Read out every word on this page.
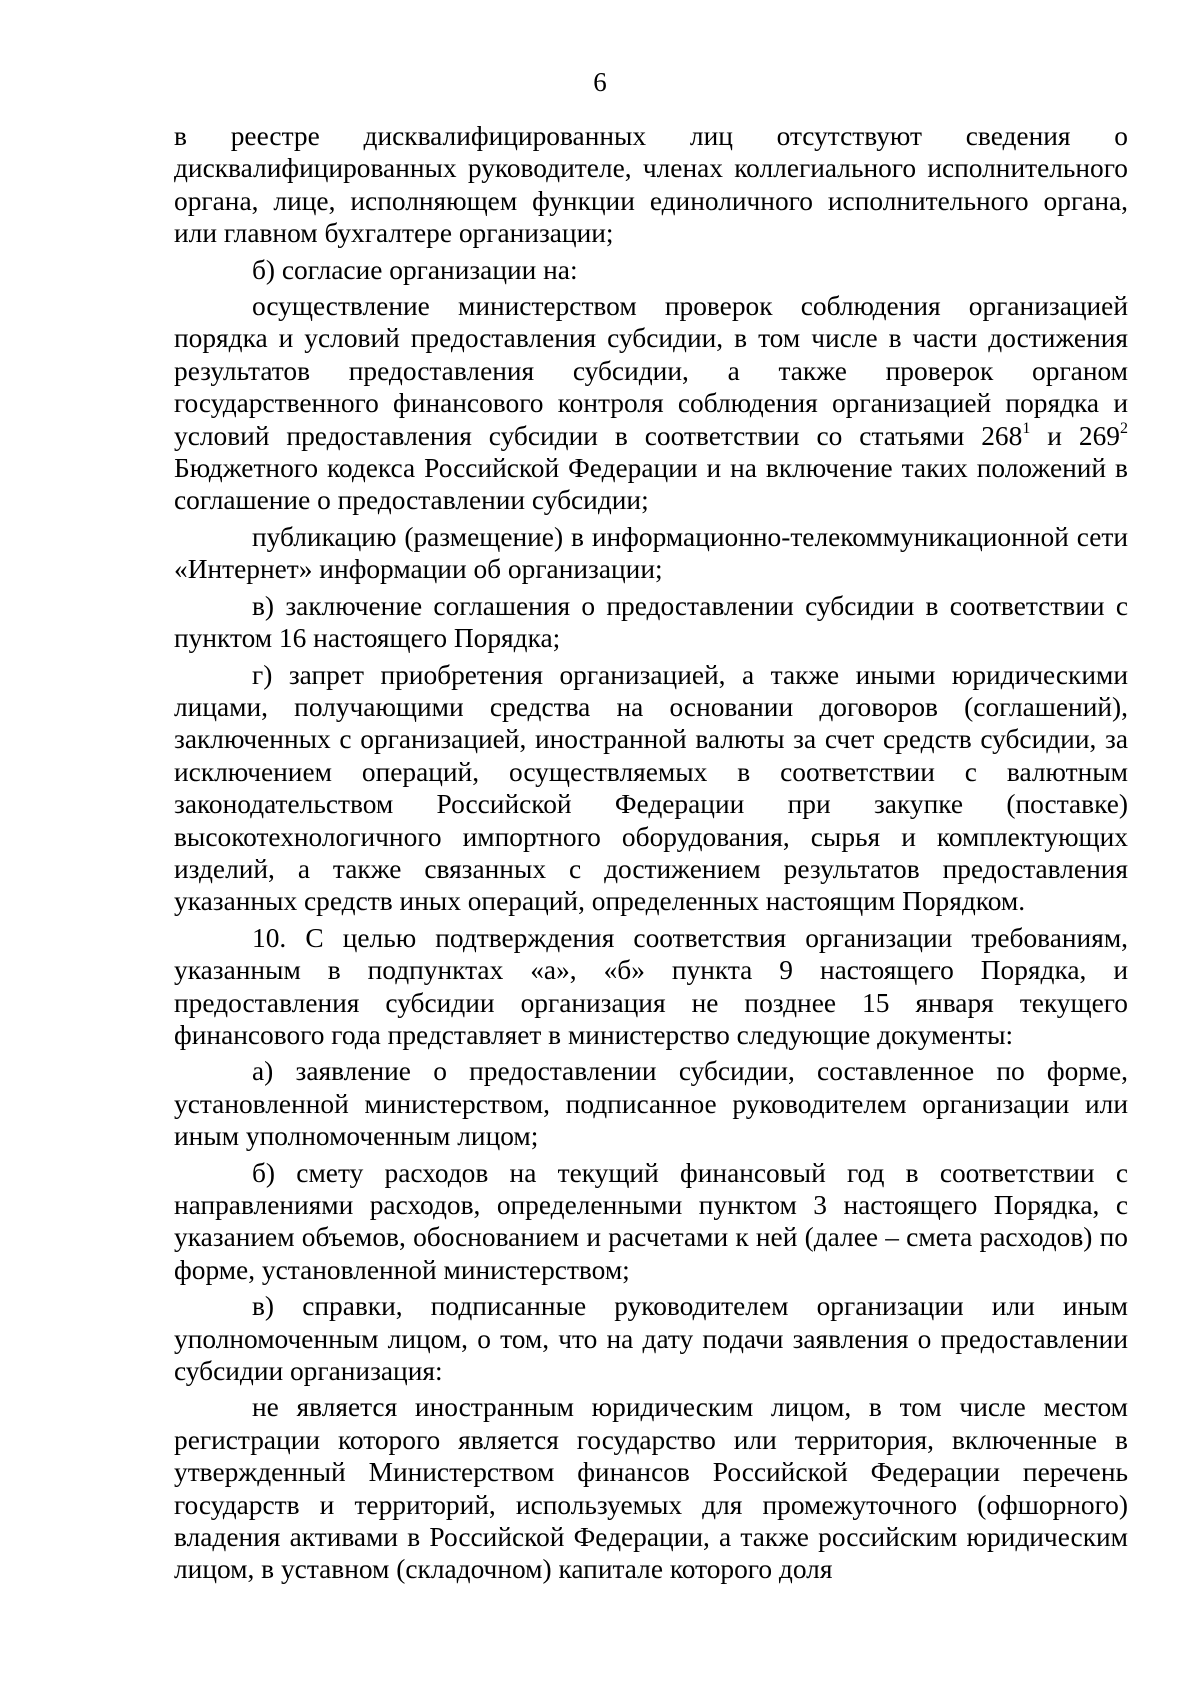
6

в реестре дисквалифицированных лиц отсутствуют сведения о дисквалифицированных руководителе, членах коллегиального исполнительного органа, лице, исполняющем функции единоличного исполнительного органа, или главном бухгалтере организации;

б) согласие организации на:

осуществление министерством проверок соблюдения организацией порядка и условий предоставления субсидии, в том числе в части достижения результатов предоставления субсидии, а также проверок органом государственного финансового контроля соблюдения организацией порядка и условий предоставления субсидии в соответствии со статьями $268^1$ и $269^2$ Бюджетного кодекса Российской Федерации и на включение таких положений в соглашение о предоставлении субсидии;

публикацию (размещение) в информационно-телекоммуникационной сети «Интернет» информации об организации;

в) заключение соглашения о предоставлении субсидии в соответствии с пунктом 16 настоящего Порядка;

г) запрет приобретения организацией, а также иными юридическими лицами, получающими средства на основании договоров (соглашений), заключенных с организацией, иностранной валюты за счет средств субсидии, за исключением операций, осуществляемых в соответствии с валютным законодательством Российской Федерации при закупке (поставке) высокотехнологичного импортного оборудования, сырья и комплектующих изделий, а также связанных с достижением результатов предоставления указанных средств иных операций, определенных настоящим Порядком.

10. С целью подтверждения соответствия организации требованиям, указанным в подпунктах «а», «б» пункта 9 настоящего Порядка, и предоставления субсидии организация не позднее 15 января текущего финансового года представляет в министерство следующие документы:

а) заявление о предоставлении субсидии, составленное по форме, установленной министерством, подписанное руководителем организации или иным уполномоченным лицом;

б) смету расходов на текущий финансовый год в соответствии с направлениями расходов, определенными пунктом 3 настоящего Порядка, с указанием объемов, обоснованием и расчетами к ней (далее – смета расходов) по форме, установленной министерством;

в) справки, подписанные руководителем организации или иным уполномоченным лицом, о том, что на дату подачи заявления о предоставлении субсидии организация:

не является иностранным юридическим лицом, в том числе местом регистрации которого является государство или территория, включенные в утвержденный Министерством финансов Российской Федерации перечень государств и территорий, используемых для промежуточного (офшорного) владения активами в Российской Федерации, а также российским юридическим лицом, в уставном (складочном) капитале которого доля
